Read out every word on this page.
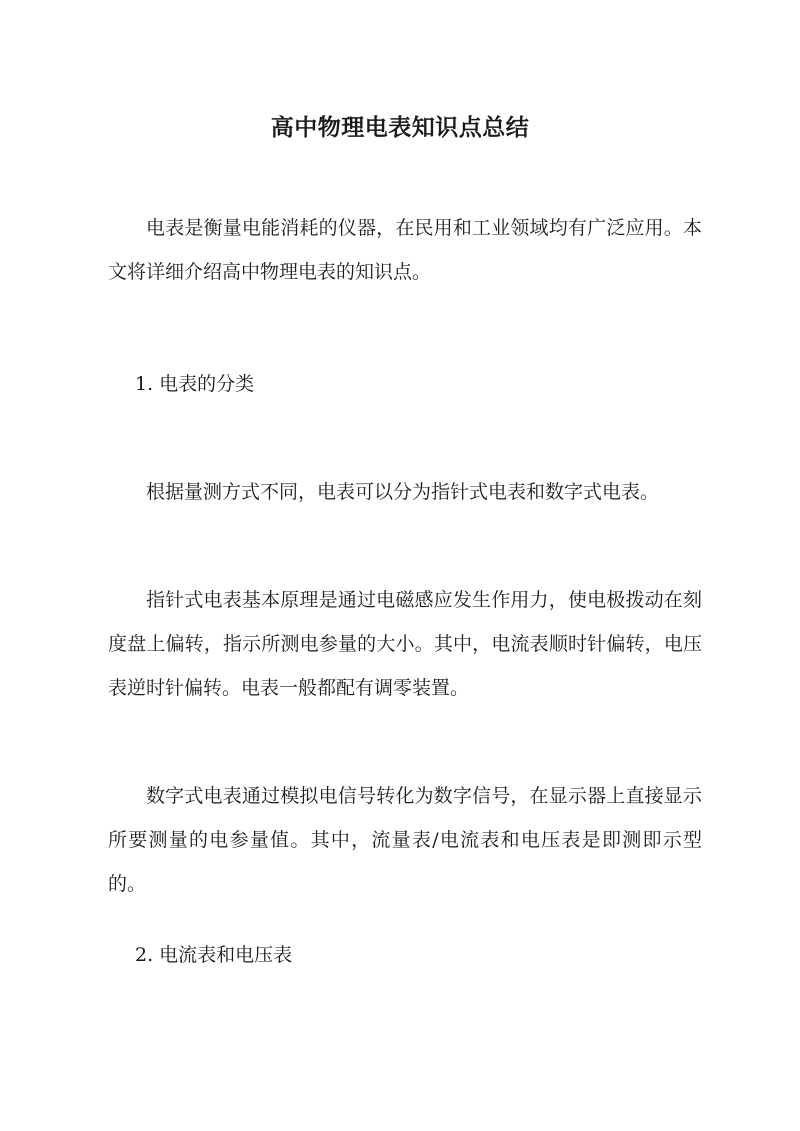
高中物理电表知识点总结

电表是衡量电能消耗的仪器，在民用和工业领域均有广泛应用。本文将详细介绍高中物理电表的知识点。

1. 电表的分类

根据量测方式不同，电表可以分为指针式电表和数字式电表。

指针式电表基本原理是通过电磁感应发生作用力，使电极拨动在刻度盘上偏转，指示所测电参量的大小。其中，电流表顺时针偏转，电压表逆时针偏转。电表一般都配有调零装置。

数字式电表通过模拟电信号转化为数字信号，在显示器上直接显示所要测量的电参量值。其中，流量表/电流表和电压表是即测即示型的。

2. 电流表和电压表
